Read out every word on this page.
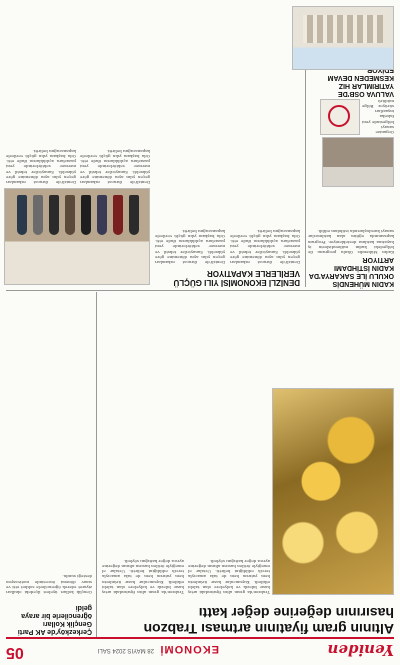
Yeniden
EKONOMİ
28 MAYIS 2024 SALI
05
Altının gram fiyatının artması Trabzon hasırının değerine değer kattı
Trabzon'da gram altın fiyatındaki artış hasır bilezik ve kolyelere olan talebi etkiledi. Kuyumcular hasır ürünlerin hem yatırım hem de takı amacıyla tercih edildiğini belirtti. Ustalar el emeğiyle örülen hasırın altının değerine ayrıca değer kattığını söyledi.
Trabzon'da gram altın fiyatındaki artış hasır bilezik ve kolyelere olan talebi etkiledi. Kuyumcular hasır ürünlerin hem yatırım hem de takı amacıyla tercih edildiğini belirtti. Ustalar el emeğiyle örülen hasırın altının değerine ayrıca değer kattığını söyledi.
Çerkezköy'de AK Parti Gençlik Kolları öğrencilerle bir araya geldi
Gençlik kolları üyeleri ilçedeki okulları ziyaret ederek öğrencilerle sohbet etti ve sınav dönemi öncesinde motivasyon desteği sundu.
DENİZLİ EKONOMİSİ YILI GÜÇLÜ VERİLERLE KAPATIYOR
Denizli'de ihracat rakamları geçen yılın aynı dönemine göre yükseldi. Sanayiciler tekstil ve mermer sektörlerinde yeni pazarlara açıldıklarını ifade etti. Oda başkanı yılın güçlü verilerle kapanacağını belirtti.
Denizli'de ihracat rakamları geçen yılın aynı dönemine göre yükseldi. Sanayiciler tekstil ve mermer sektörlerinde yeni pazarlara açıldıklarını ifade etti. Oda başkanı yılın güçlü verilerle kapanacağını belirtti.
Denizli'de ihracat rakamları geçen yılın aynı dönemine göre yükseldi. Sanayiciler tekstil ve mermer sektörlerinde yeni pazarlara açıldıklarını ifade etti. Oda başkanı yılın güçlü verilerle kapanacağını belirtti.
Denizli'de ihracat rakamları geçen yılın aynı dönemine göre yükseldi. Sanayiciler tekstil ve mermer sektörlerinde yeni pazarlara açıldıklarını ifade etti. Oda başkanı yılın güçlü verilerle kapanacağını belirtti.
KADIN MÜHENDİS OKULU İLE SAKARYA'DA KADIN İSTİHDAMI ARTIYOR
Kadın Mühendis Okulu programı ile bölgedeki kadın mühendislerin iş hayatına katılımı destekleniyor. Program kapsamında eğitim alan katılımcılar sanayi kuruluşlarında istihdam edildi.
VALUVA OSB'DE YATIRIMLAR HIZ KESMEDEN DEVAM
Organize sanayi bölgesinde yeni fabrika inşaatları sürüyor. Bölge müdürü
